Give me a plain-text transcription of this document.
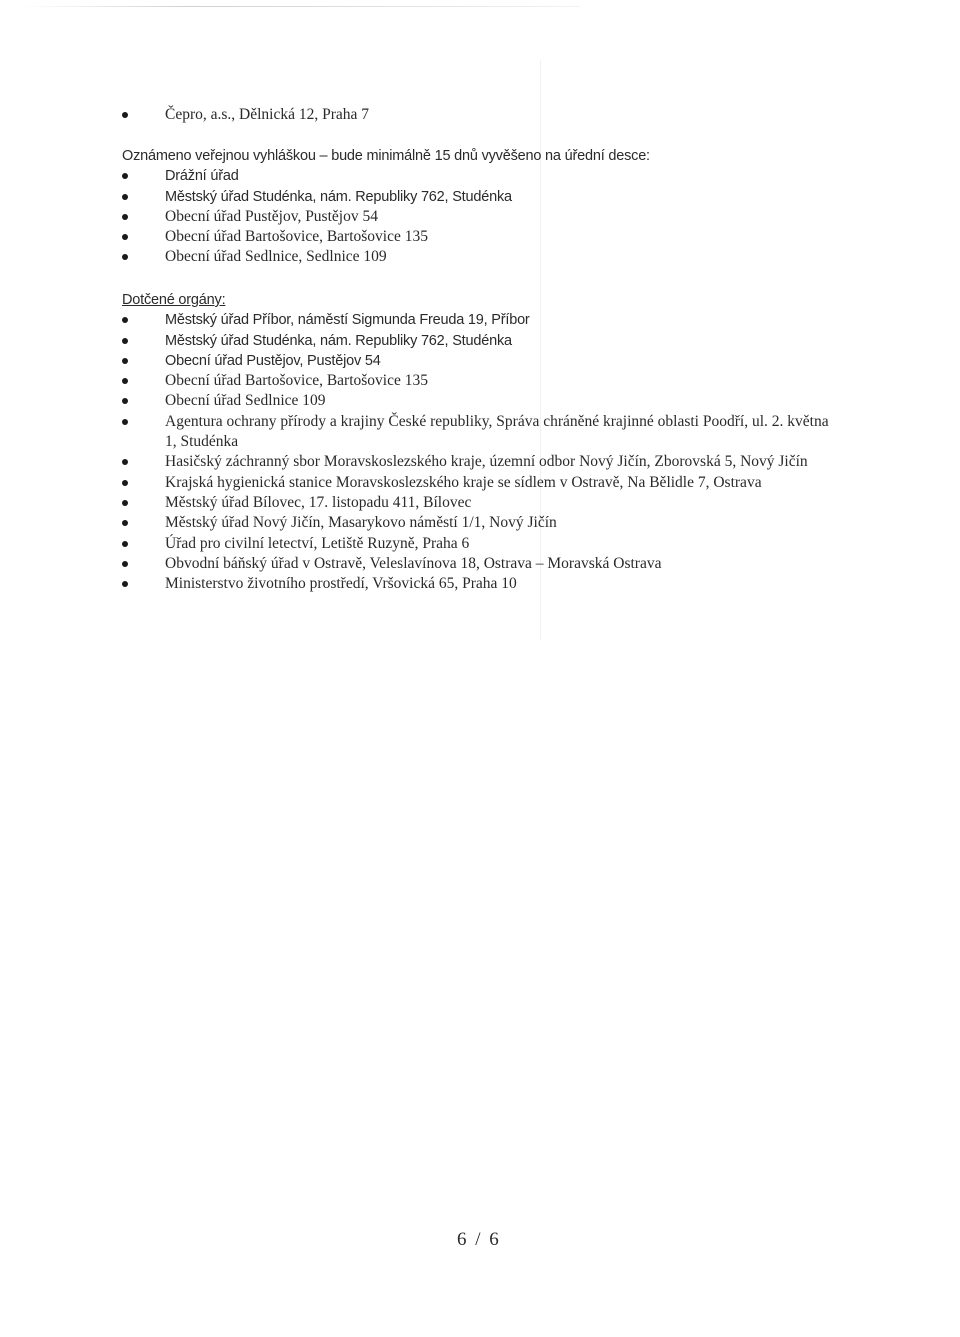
Čepro, a.s., Dělnická 12, Praha 7
Oznámeno veřejnou vyhláškou – bude minimálně 15 dnů vyvěšeno na úřední desce:
Drážní úřad
Městský úřad Studénka, nám. Republiky 762, Studénka
Obecní úřad Pustějov, Pustějov 54
Obecní úřad Bartošovice, Bartošovice 135
Obecní úřad Sedlnice, Sedlnice 109
Dotčené orgány:
Městský úřad Příbor, náměstí Sigmunda Freuda 19, Příbor
Městský úřad Studénka, nám. Republiky 762, Studénka
Obecní úřad Pustějov, Pustějov 54
Obecní úřad Bartošovice, Bartošovice 135
Obecní úřad Sedlnice 109
Agentura ochrany přírody a krajiny České republiky, Správa chráněné krajinné oblasti Poodří, ul. 2. května 1, Studénka
Hasičský záchranný sbor Moravskoslezského kraje, územní odbor Nový Jičín, Zborovská 5, Nový Jičín
Krajská hygienická stanice Moravskoslezského kraje se sídlem v Ostravě, Na Bělidle 7, Ostrava
Městský úřad Bílovec, 17. listopadu 411, Bílovec
Městský úřad Nový Jičín, Masarykovo náměstí 1/1, Nový Jičín
Úřad pro civilní letectví, Letiště Ruzyně, Praha 6
Obvodní báňský úřad v Ostravě, Veleslavínova 18, Ostrava – Moravská Ostrava
Ministerstvo životního prostředí, Vršovická 65, Praha 10
6 / 6
